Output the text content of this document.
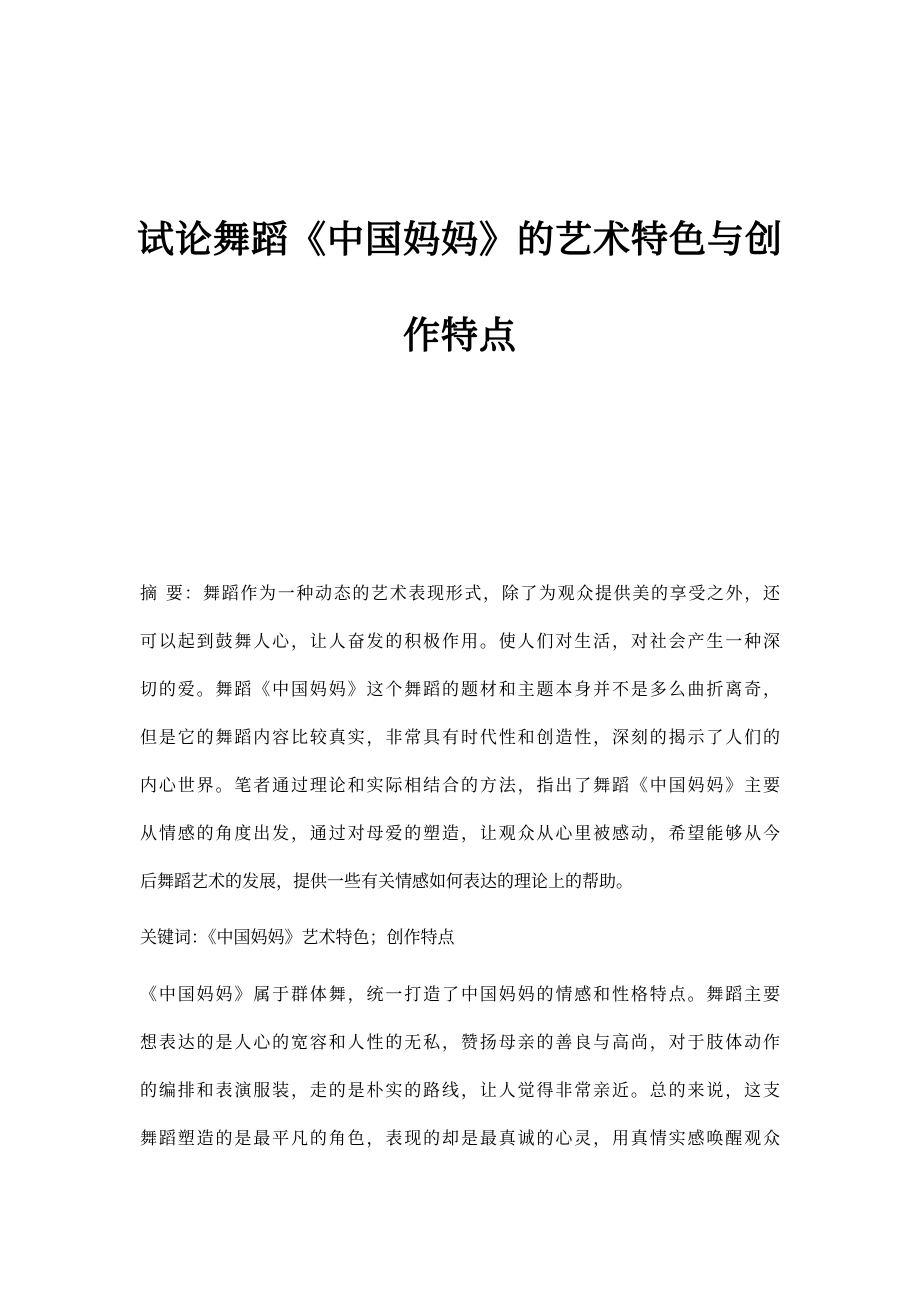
试论舞蹈《中国妈妈》的艺术特色与创
作特点
摘 要：舞蹈作为一种动态的艺术表现形式，除了为观众提供美的享受之外，还
可以起到鼓舞人心，让人奋发的积极作用。使人们对生活，对社会产生一种深
切的爱。舞蹈《中国妈妈》这个舞蹈的题材和主题本身并不是多么曲折离奇，
但是它的舞蹈内容比较真实，非常具有时代性和创造性，深刻的揭示了人们的
内心世界。笔者通过理论和实际相结合的方法，指出了舞蹈《中国妈妈》主要
从情感的角度出发，通过对母爱的塑造，让观众从心里被感动，希望能够从今
后舞蹈艺术的发展，提供一些有关情感如何表达的理论上的帮助。
关键词：《中国妈妈》艺术特色；创作特点
《中国妈妈》属于群体舞，统一打造了中国妈妈的情感和性格特点。舞蹈主要
想表达的是人心的宽容和人性的无私，赞扬母亲的善良与高尚，对于肢体动作
的编排和表演服装，走的是朴实的路线，让人觉得非常亲近。总的来说，这支
舞蹈塑造的是最平凡的角色，表现的却是最真诚的心灵，用真情实感唤醒观众
